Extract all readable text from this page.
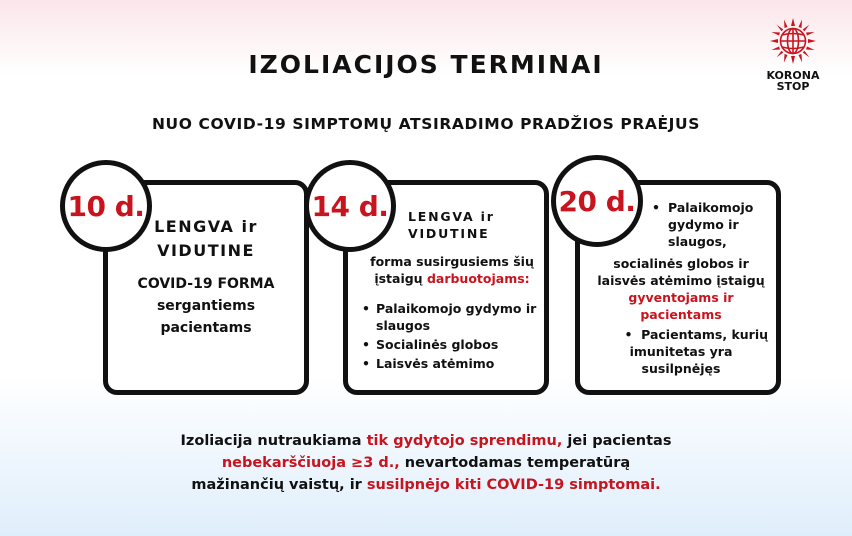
KORONA
STOP
IZOLIACIJOS TERMINAI
NUO COVID-19 SIMPTOMŲ ATSIRADIMO PRADŽIOS PRAĖJUS
LENGVA ir
VIDUTINE
COVID-19 FORMA
sergantiems
pacientams
10 d.	LENGVA ir
VIDUTINE
forma susirgusiems šių įstaigų darbuotojams:
• Palaikomojo gydymo ir slaugos
• Socialinės globos
• Laisvės atėmimo
14 d.
•	Palaikomojo gydymo ir slaugos,
socialinės globos ir laisvės atėmimo įstaigų gyventojams ir pacientams
•  Pacientams, kurių imunitetas yra susilpnėjęs
20 d.
Izoliacija nutraukiama tik gydytojo sprendimu, jei pacientas
nebekarščiuoja ≥3 d., nevartodamas temperatūrą
mažinančių vaistų, ir susilpnėjo kiti COVID-19 simptomai.
